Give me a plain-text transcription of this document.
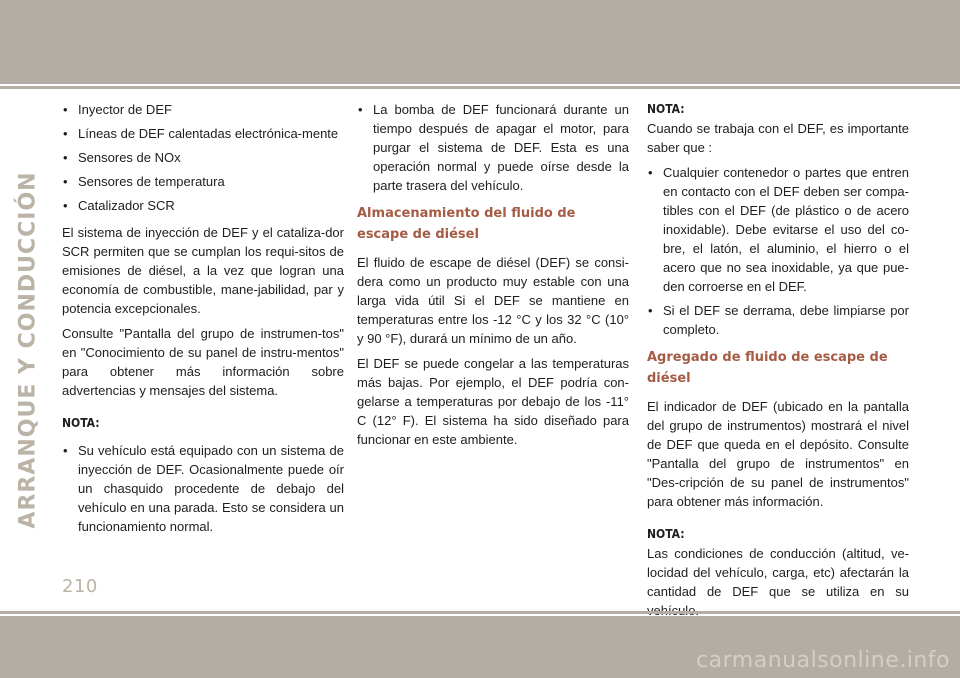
ARRANQUE Y CONDUCCIÓN
• Inyector de DEF
• Líneas de DEF calentadas electrónica-mente
• Sensores de NOx
• Sensores de temperatura
• Catalizador SCR

El sistema de inyección de DEF y el cataliza-dor SCR permiten que se cumplan los requi-sitos de emisiones de diésel, a la vez que logran una economía de combustible, mane-jabilidad, par y potencia excepcionales.

Consulte "Pantalla del grupo de instrumen-tos" en "Conocimiento de su panel de instru-mentos" para obtener más información sobre advertencias y mensajes del sistema.

NOTA:
• Su vehículo está equipado con un sistema de inyección de DEF. Ocasionalmente puede oír un chasquido procedente de debajo del vehículo en una parada. Esto se considera un funcionamiento normal.
• La bomba de DEF funcionará durante un tiempo después de apagar el motor, para purgar el sistema de DEF. Esta es una operación normal y puede oírse desde la parte trasera del vehículo.
Almacenamiento del fluido de escape de diésel

El fluido de escape de diésel (DEF) se consi-dera como un producto muy estable con una larga vida útil Si el DEF se mantiene en temperaturas entre los -12 °C y los 32 °C (10° y 90 °F), durará un mínimo de un año.

El DEF se puede congelar a las temperaturas más bajas. Por ejemplo, el DEF podría con-gelarse a temperaturas por debajo de los -11° C (12° F). El sistema ha sido diseñado para funcionar en este ambiente.

NOTA:

Cuando se trabaja con el DEF, es importante saber que :

• Cualquier contenedor o partes que entren en contacto con el DEF deben ser compa-tibles con el DEF (de plástico o de acero inoxidable). Debe evitarse el uso del co-bre, el latón, el aluminio, el hierro o el acero que no sea inoxidable, ya que pue-den corroerse en el DEF.
• Si el DEF se derrama, debe limpiarse por completo.
Agregado de fluido de escape de diésel

El indicador de DEF (ubicado en la pantalla del grupo de instrumentos) mostrará el nivel de DEF que queda en el depósito. Consulte "Pantalla del grupo de instrumentos" en "Des-cripción de su panel de instrumentos" para obtener más información.

NOTA:

Las condiciones de conducción (altitud, ve-locidad del vehículo, carga, etc) afectarán la cantidad de DEF que se utiliza en su

210
carmanualsonline.info
